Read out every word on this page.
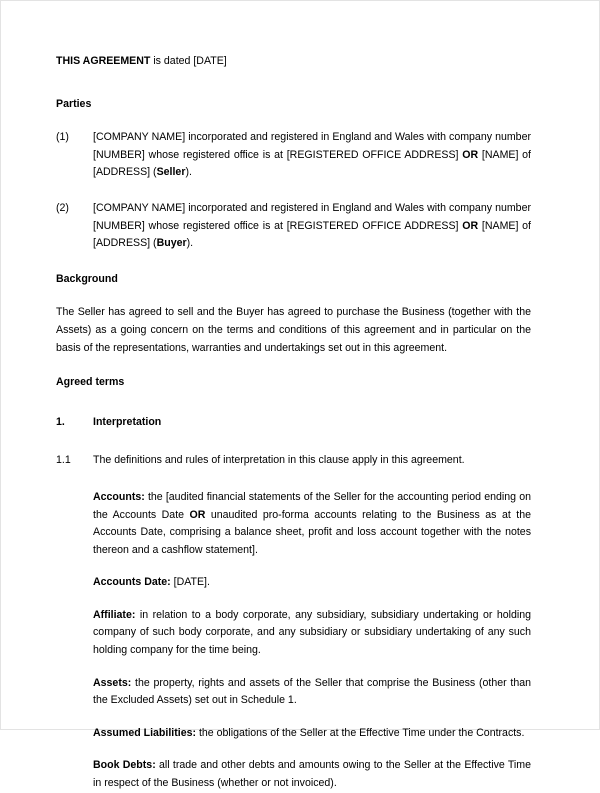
THIS AGREEMENT is dated [DATE]
Parties
(1)	[COMPANY NAME] incorporated and registered in England and Wales with company number [NUMBER] whose registered office is at [REGISTERED OFFICE ADDRESS] OR [NAME] of [ADDRESS] (Seller).
(2)	[COMPANY NAME] incorporated and registered in England and Wales with company number [NUMBER] whose registered office is at [REGISTERED OFFICE ADDRESS] OR [NAME] of [ADDRESS] (Buyer).
Background
The Seller has agreed to sell and the Buyer has agreed to purchase the Business (together with the Assets) as a going concern on the terms and conditions of this agreement and in particular on the basis of the representations, warranties and undertakings set out in this agreement.
Agreed terms
1.	Interpretation
1.1	The definitions and rules of interpretation in this clause apply in this agreement.
Accounts: the [audited financial statements of the Seller for the accounting period ending on the Accounts Date OR unaudited pro-forma accounts relating to the Business as at the Accounts Date, comprising a balance sheet, profit and loss account together with the notes thereon and a cashflow statement].
Accounts Date: [DATE].
Affiliate: in relation to a body corporate, any subsidiary, subsidiary undertaking or holding company of such body corporate, and any subsidiary or subsidiary undertaking of any such holding company for the time being.
Assets: the property, rights and assets of the Seller that comprise the Business (other than the Excluded Assets) set out in Schedule 1.
Assumed Liabilities: the obligations of the Seller at the Effective Time under the Contracts.
Book Debts: all trade and other debts and amounts owing to the Seller at the Effective Time in respect of the Business (whether or not invoiced).
